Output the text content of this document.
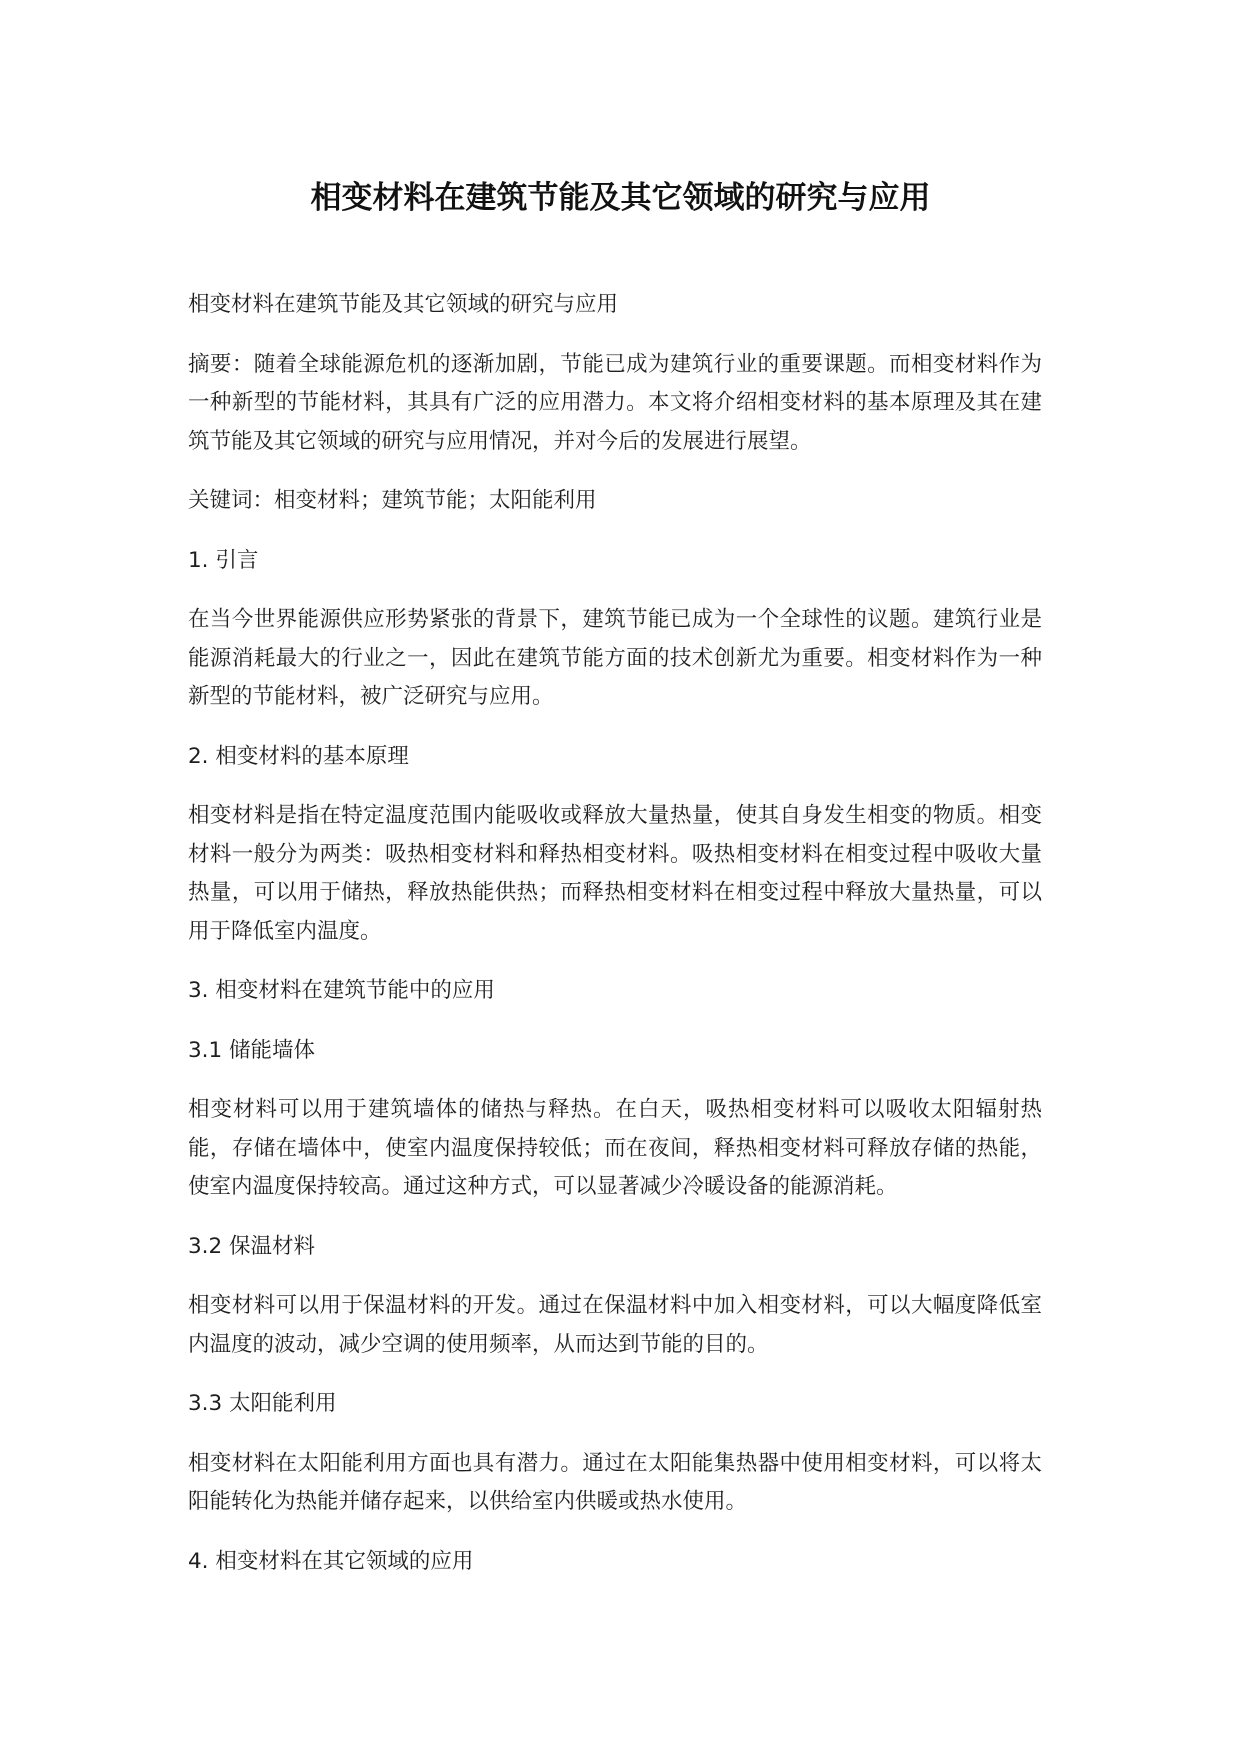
相变材料在建筑节能及其它领域的研究与应用

相变材料在建筑节能及其它领域的研究与应用

摘要：随着全球能源危机的逐渐加剧，节能已成为建筑行业的重要课题。而相变材料作为一种新型的节能材料，其具有广泛的应用潜力。本文将介绍相变材料的基本原理及其在建筑节能及其它领域的研究与应用情况，并对今后的发展进行展望。

关键词：相变材料；建筑节能；太阳能利用

1. 引言

在当今世界能源供应形势紧张的背景下，建筑节能已成为一个全球性的议题。建筑行业是能源消耗最大的行业之一，因此在建筑节能方面的技术创新尤为重要。相变材料作为一种新型的节能材料，被广泛研究与应用。

2. 相变材料的基本原理

相变材料是指在特定温度范围内能吸收或释放大量热量，使其自身发生相变的物质。相变材料一般分为两类：吸热相变材料和释热相变材料。吸热相变材料在相变过程中吸收大量热量，可以用于储热，释放热能供热；而释热相变材料在相变过程中释放大量热量，可以用于降低室内温度。

3. 相变材料在建筑节能中的应用

3.1 储能墙体

相变材料可以用于建筑墙体的储热与释热。在白天，吸热相变材料可以吸收太阳辐射热能，存储在墙体中，使室内温度保持较低；而在夜间，释热相变材料可释放存储的热能，使室内温度保持较高。通过这种方式，可以显著减少冷暖设备的能源消耗。

3.2 保温材料

相变材料可以用于保温材料的开发。通过在保温材料中加入相变材料，可以大幅度降低室内温度的波动，减少空调的使用频率，从而达到节能的目的。

3.3 太阳能利用

相变材料在太阳能利用方面也具有潜力。通过在太阳能集热器中使用相变材料，可以将太阳能转化为热能并储存起来，以供给室内供暖或热水使用。

4. 相变材料在其它领域的应用
